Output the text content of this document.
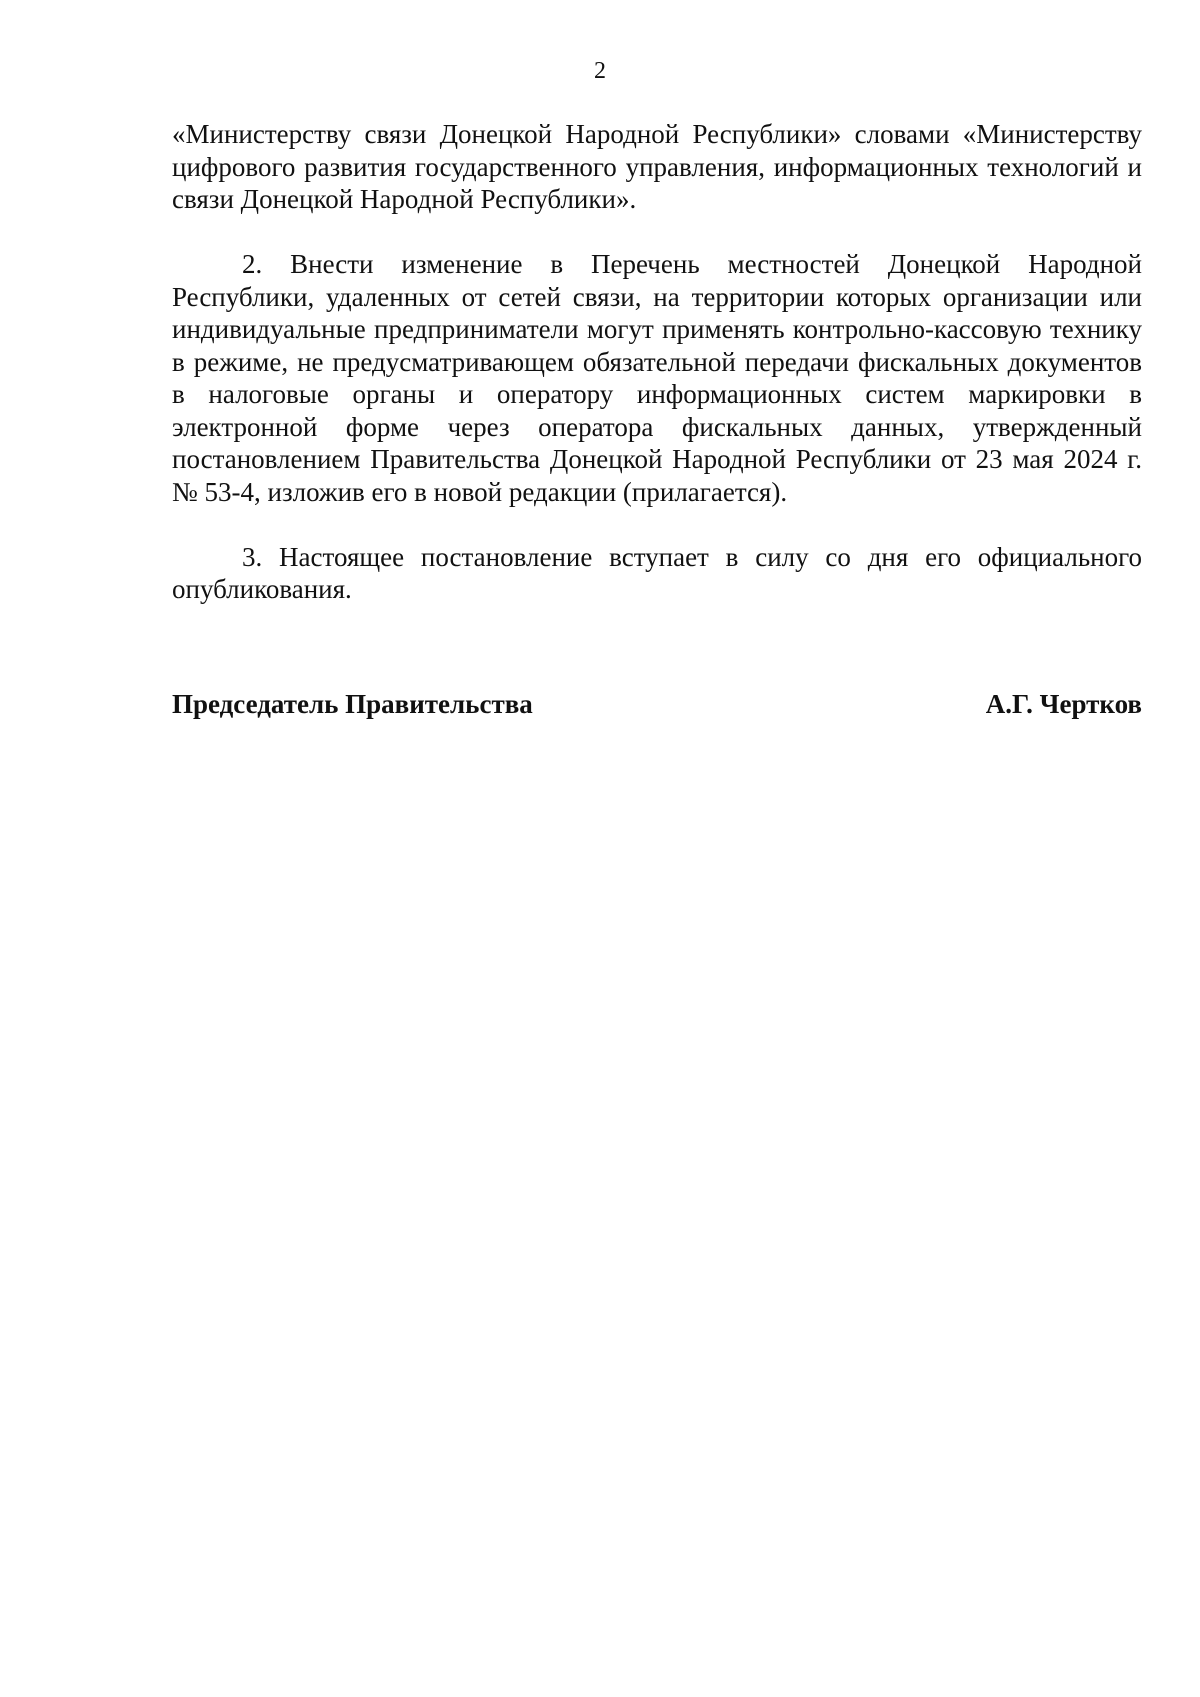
2

«Министерству связи Донецкой Народной Республики» словами «Министерству цифрового развития государственного управления, информационных технологий и связи Донецкой Народной Республики».

2. Внести изменение в Перечень местностей Донецкой Народной Республики, удаленных от сетей связи, на территории которых организации или индивидуальные предприниматели могут применять контрольно-кассовую технику в режиме, не предусматривающем обязательной передачи фискальных документов в налоговые органы и оператору информационных систем маркировки в электронной форме через оператора фискальных данных, утвержденный постановлением Правительства Донецкой Народной Республики от 23 мая 2024 г. № 53-4, изложив его в новой редакции (прилагается).

3. Настоящее постановление вступает в силу со дня его официального опубликования.

Председатель Правительства	А.Г. Чертков
